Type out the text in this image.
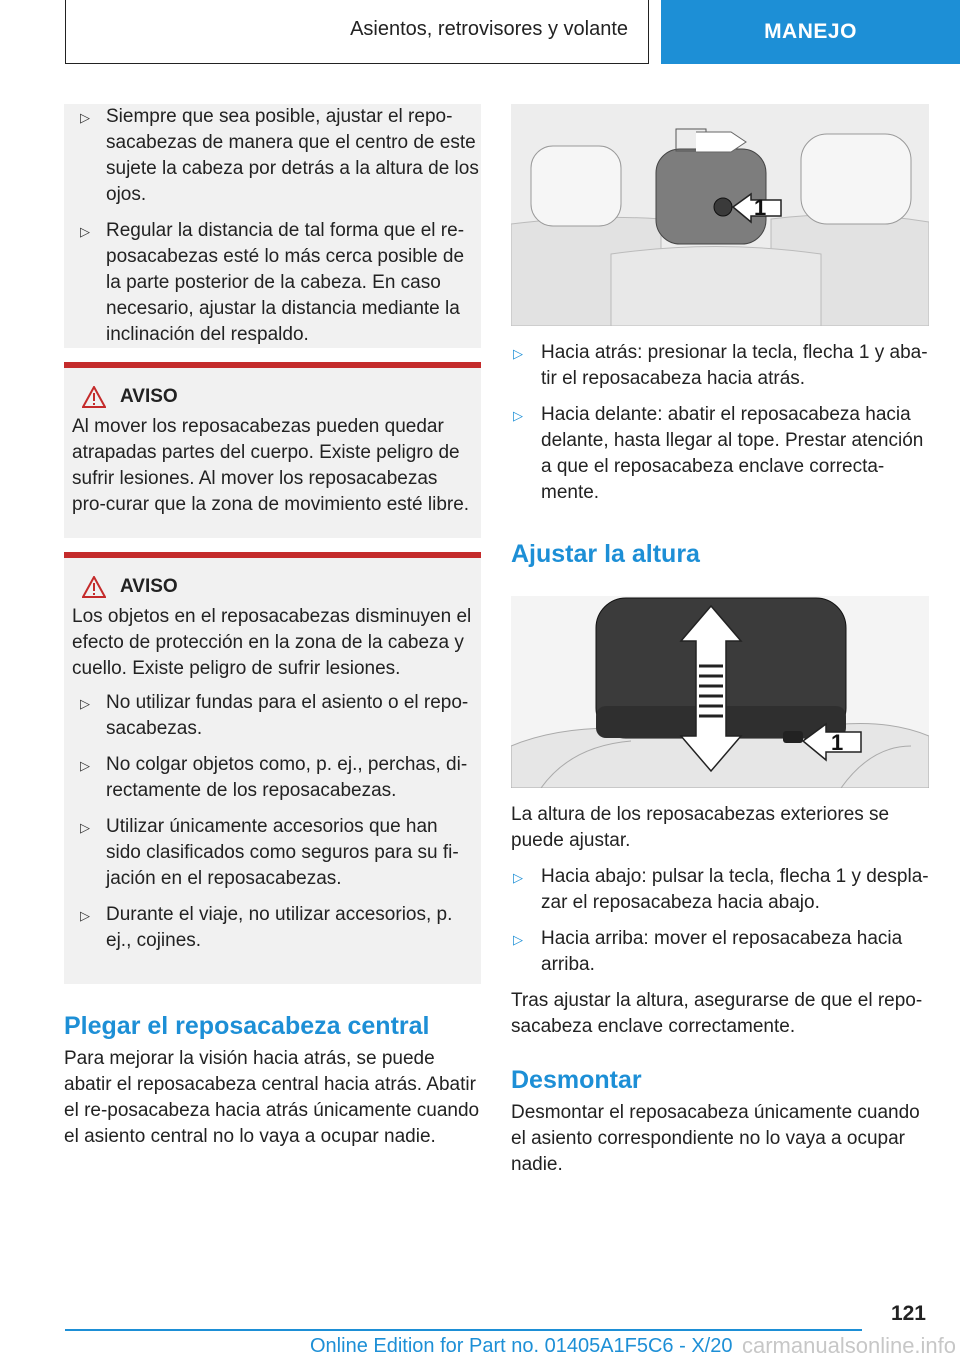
Asientos, retrovisores y volante	MANEJO
▷ Siempre que sea posible, ajustar el repo-sacabezas de manera que el centro de este sujete la cabeza por detrás a la altura de los ojos.
▷ Regular la distancia de tal forma que el re-posacabezas esté lo más cerca posible de la parte posterior de la cabeza. En caso necesario, ajustar la distancia mediante la inclinación del respaldo.
AVISO

Al mover los reposacabezas pueden quedar atrapadas partes del cuerpo. Existe peligro de sufrir lesiones. Al mover los reposacabezas pro-curar que la zona de movimiento esté libre.

AVISO

Los objetos en el reposacabezas disminuyen el efecto de protección en la zona de la cabeza y cuello. Existe peligro de sufrir lesiones.

▷ No utilizar fundas para el asiento o el repo-sacabezas.
▷ No colgar objetos como, p. ej., perchas, di-rectamente de los reposacabezas.
▷ Utilizar únicamente accesorios que han sido clasificados como seguros para su fi-jación en el reposacabezas.
▷ Durante el viaje, no utilizar accesorios, p. ej., cojines.
Plegar el reposacabeza central

Para mejorar la visión hacia atrás, se puede abatir el reposacabeza central hacia atrás. Abatir el re-posacabeza hacia atrás únicamente cuando el asiento central no lo vaya a ocupar nadie.

1
▷ Hacia atrás: presionar la tecla, flecha 1 y aba-tir el reposacabeza hacia atrás.
▷ Hacia delante: abatir el reposacabeza hacia delante, hasta llegar al tope. Prestar atención a que el reposacabeza enclave correcta-mente.
Ajustar la altura
1

La altura de los reposacabezas exteriores se puede ajustar.

▷ Hacia abajo: pulsar la tecla, flecha 1 y despla-zar el reposacabeza hacia abajo.
▷ Hacia arriba: mover el reposacabeza hacia arriba.

Tras ajustar la altura, asegurarse de que el repo-sacabeza enclave correctamente.

Desmontar

Desmontar el reposacabeza únicamente cuando el asiento correspondiente no lo vaya a ocupar nadie.

121
Online Edition for Part no. 01405A1F5C6 - X/20 carmanualsonline.info
